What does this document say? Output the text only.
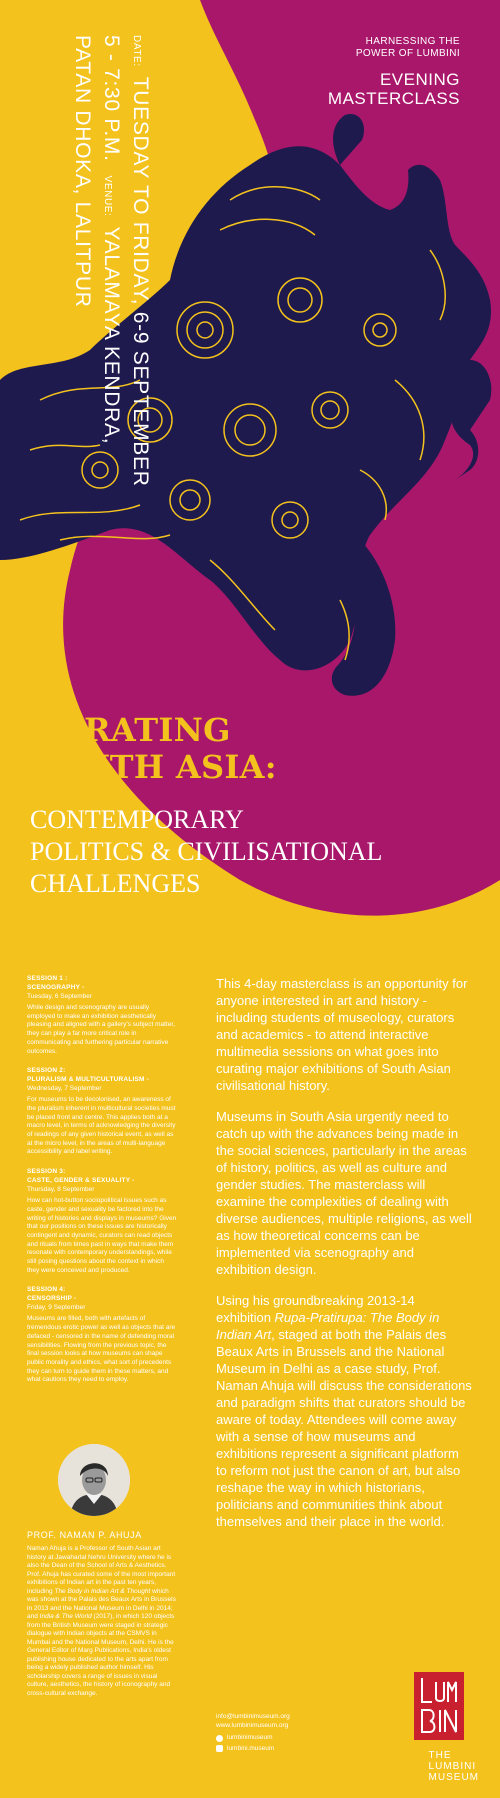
HARNESSING THE POWER OF LUMBINI
EVENING MASTERCLASS
DATE:
TUESDAY TO FRIDAY, 6-9 SEPTEMBER
5 - 7:30 P.M.
VENUE:
YALAMAYA KENDRA,
PATAN DHOKA, LALITPUR
CURATING
SOUTH ASIA:
CONTEMPORARY
POLITICS & CIVILISATIONAL
CHALLENGES
SESSION 1 :
SCENOGRAPHY -
Tuesday, 6 September
While design and scenography are usually employed to make an exhibition aesthetically pleasing and aligned with a gallery's subject matter, they can play a far more critical role in communicating and furthering particular narrative outcomes.
SESSION 2:
PLURALISM & MULTICULTURALISM -
Wednesday, 7 September
For museums to be decolonised, an awareness of the pluralism inherent in multicultural societies must be placed front and centre. This applies both at a macro level, in terms of acknowledging the diversity of readings of any given historical event, as well as at the micro level, in the areas of multi-language accessibility and label writing.
SESSION 3:
CASTE, GENDER & SEXUALITY -
Thursday, 8 September
How can hot-button sociopolitical issues such as caste, gender and sexuality be factored into the writing of histories and displays in museums? Given that our positions on these issues are historically contingent and dynamic, curators can read objects and rituals from times past in ways that make them resonate with contemporary understandings, while still posing questions about the context in which they were conceived and produced.
SESSION 4:
CENSORSHIP -
Friday, 9 September
Museums are filled, both with artefacts of tremendous erotic power as well as objects that are defaced - censored in the name of defending moral sensibilities. Flowing from the previous topic, the final session looks at how museums can shape public morality and ethics, what sort of precedents they can turn to guide them in these matters, and what cautions they need to employ.
PROF. NAMAN P. AHUJA
Naman Ahuja is a Professor of South Asian art history at Jawaharlal Nehru University where he is also the Dean of the School of Arts & Aesthetics. Prof. Ahuja has curated some of the most important exhibitions of Indian art in the past ten years, including The Body in Indian Art & Thought which was shown at the Palais des Beaux Arts in Brussels in 2013 and the National Museum in Delhi in 2014; and India & The World (2017), in which 120 objects from the British Museum were staged in strategic dialogue with Indian objects at the CSMVS in Mumbai and the National Museum, Delhi. He is the General Editor of Marg Publications, India's oldest publishing house dedicated to the arts apart from being a widely published author himself. His scholarship covers a range of issues in visual culture, aesthetics, the history of iconography and cross-cultural exchange.

This 4-day masterclass is an opportunity for anyone interested in art and history - including students of museology, curators and academics - to attend interactive multimedia sessions on what goes into curating major exhibitions of South Asian civilisational history.

Museums in South Asia urgently need to catch up with the advances being made in the social sciences, particularly in the areas of history, politics, as well as culture and gender studies. The masterclass will examine the complexities of dealing with diverse audiences, multiple religions, as well as how theoretical concerns can be implemented via scenography and exhibition design.

Using his groundbreaking 2013-14 exhibition Rupa-Pratirupa: The Body in Indian Art, staged at both the Palais des Beaux Arts in Brussels and the National Museum in Delhi as a case study, Prof. Naman Ahuja will discuss the considerations and paradigm shifts that curators should be aware of today. Attendees will come away with a sense of how museums and exhibitions represent a significant platform to reform not just the canon of art, but also reshape the way in which historians, politicians and communities think about themselves and their place in the world.

info@lumbinimuseum.org
www.lumbinimuseum.org
lumbinimuseum
lumbini.museum
THE
LUMBINI
MUSEUM
